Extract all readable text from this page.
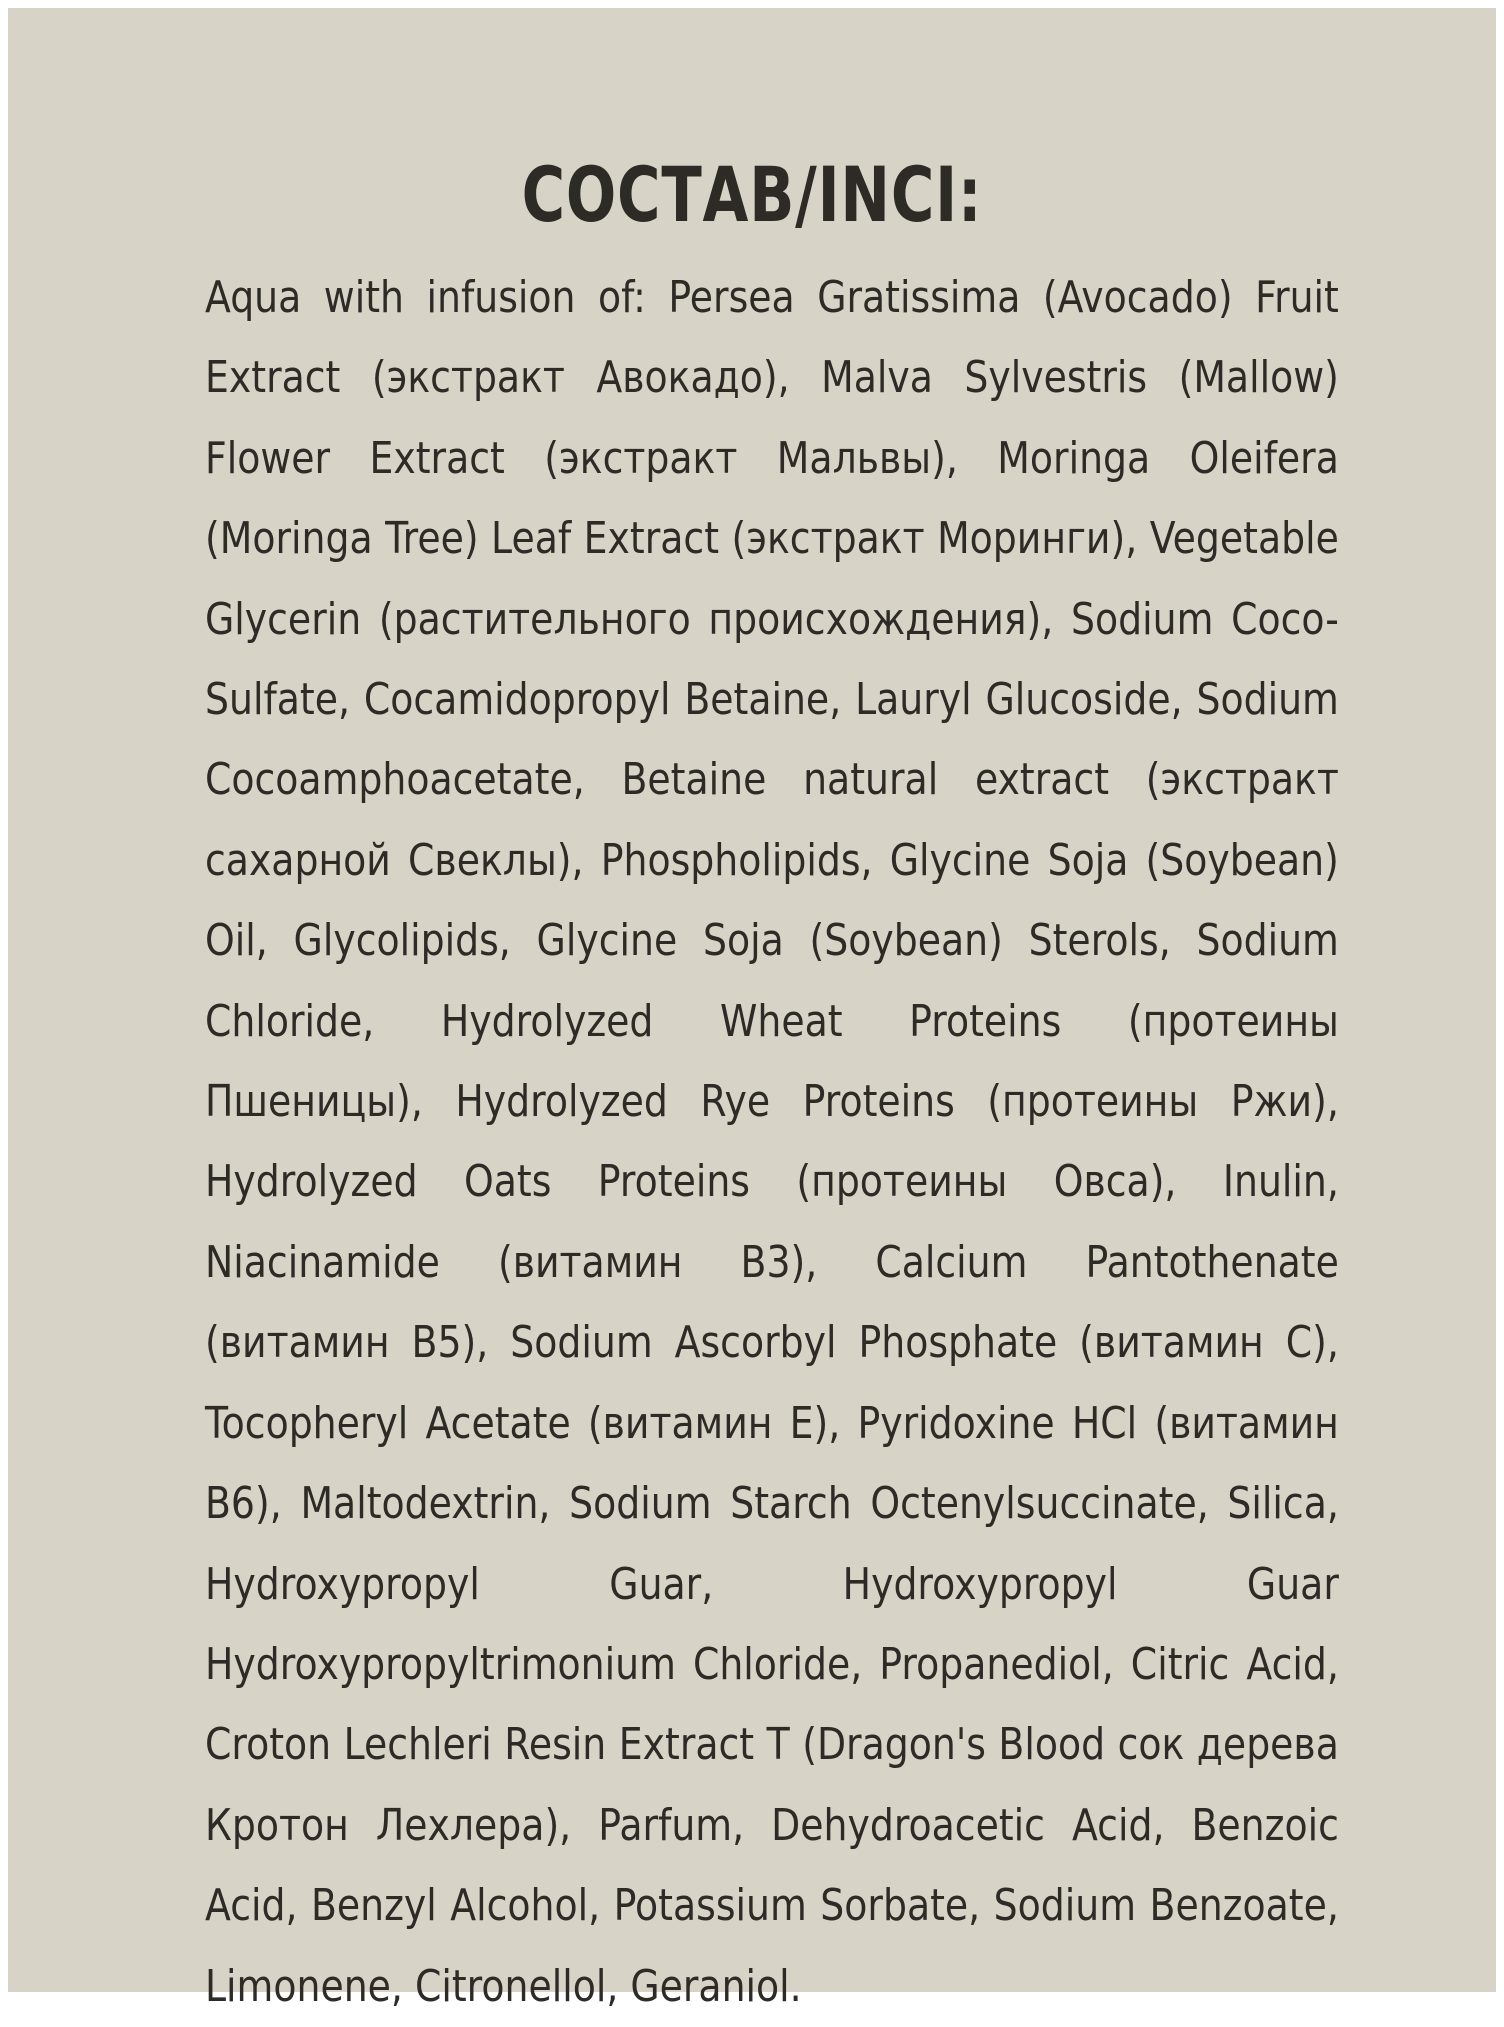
СОСТАВ/INCI:

Aqua with infusion of: Persea Gratissima (Avocado) Fruit Extract (экстракт Авокадо), Malva Sylvestris (Mallow) Flower Extract (экстракт Мальвы), Moringa Oleifera (Moringa Tree) Leaf Extract (экстракт Моринги), Vegetable Glycerin (растительного происхождения), Sodium Coco-Sulfate, Cocamidopropyl Betaine, Lauryl Glucoside, Sodium Cocoamphoacetate, Betaine natural extract (экстракт сахарной Свеклы), Phospholipids, Glycine Soja (Soybean) Oil, Glycolipids, Glycine Soja (Soybean) Sterols, Sodium Chloride, Hydrolyzed Wheat Proteins (протеины Пшеницы), Hydrolyzed Rye Proteins (протеины Ржи), Hydrolyzed Oats Proteins (протеины Овса), Inulin, Niacinamide (витамин B3), Calcium Pantothenate (витамин B5), Sodium Ascorbyl Phosphate (витамин C), Tocopheryl Acetate (витамин E), Pyridoxine HCl (витамин B6), Maltodextrin, Sodium Starch Octenylsuccinate, Silica, Hydroxypropyl Guar, Hydroxypropyl Guar Hydroxypropyltrimonium Chloride, Propanediol, Citric Acid, Croton Lechleri Resin Extract T (Dragon's Blood сок дерева Кротон Лехлера), Parfum, Dehydroacetic Acid, Benzoic Acid, Benzyl Alcohol, Potassium Sorbate, Sodium Benzoate, Limonene, Citronellol, Geraniol.
